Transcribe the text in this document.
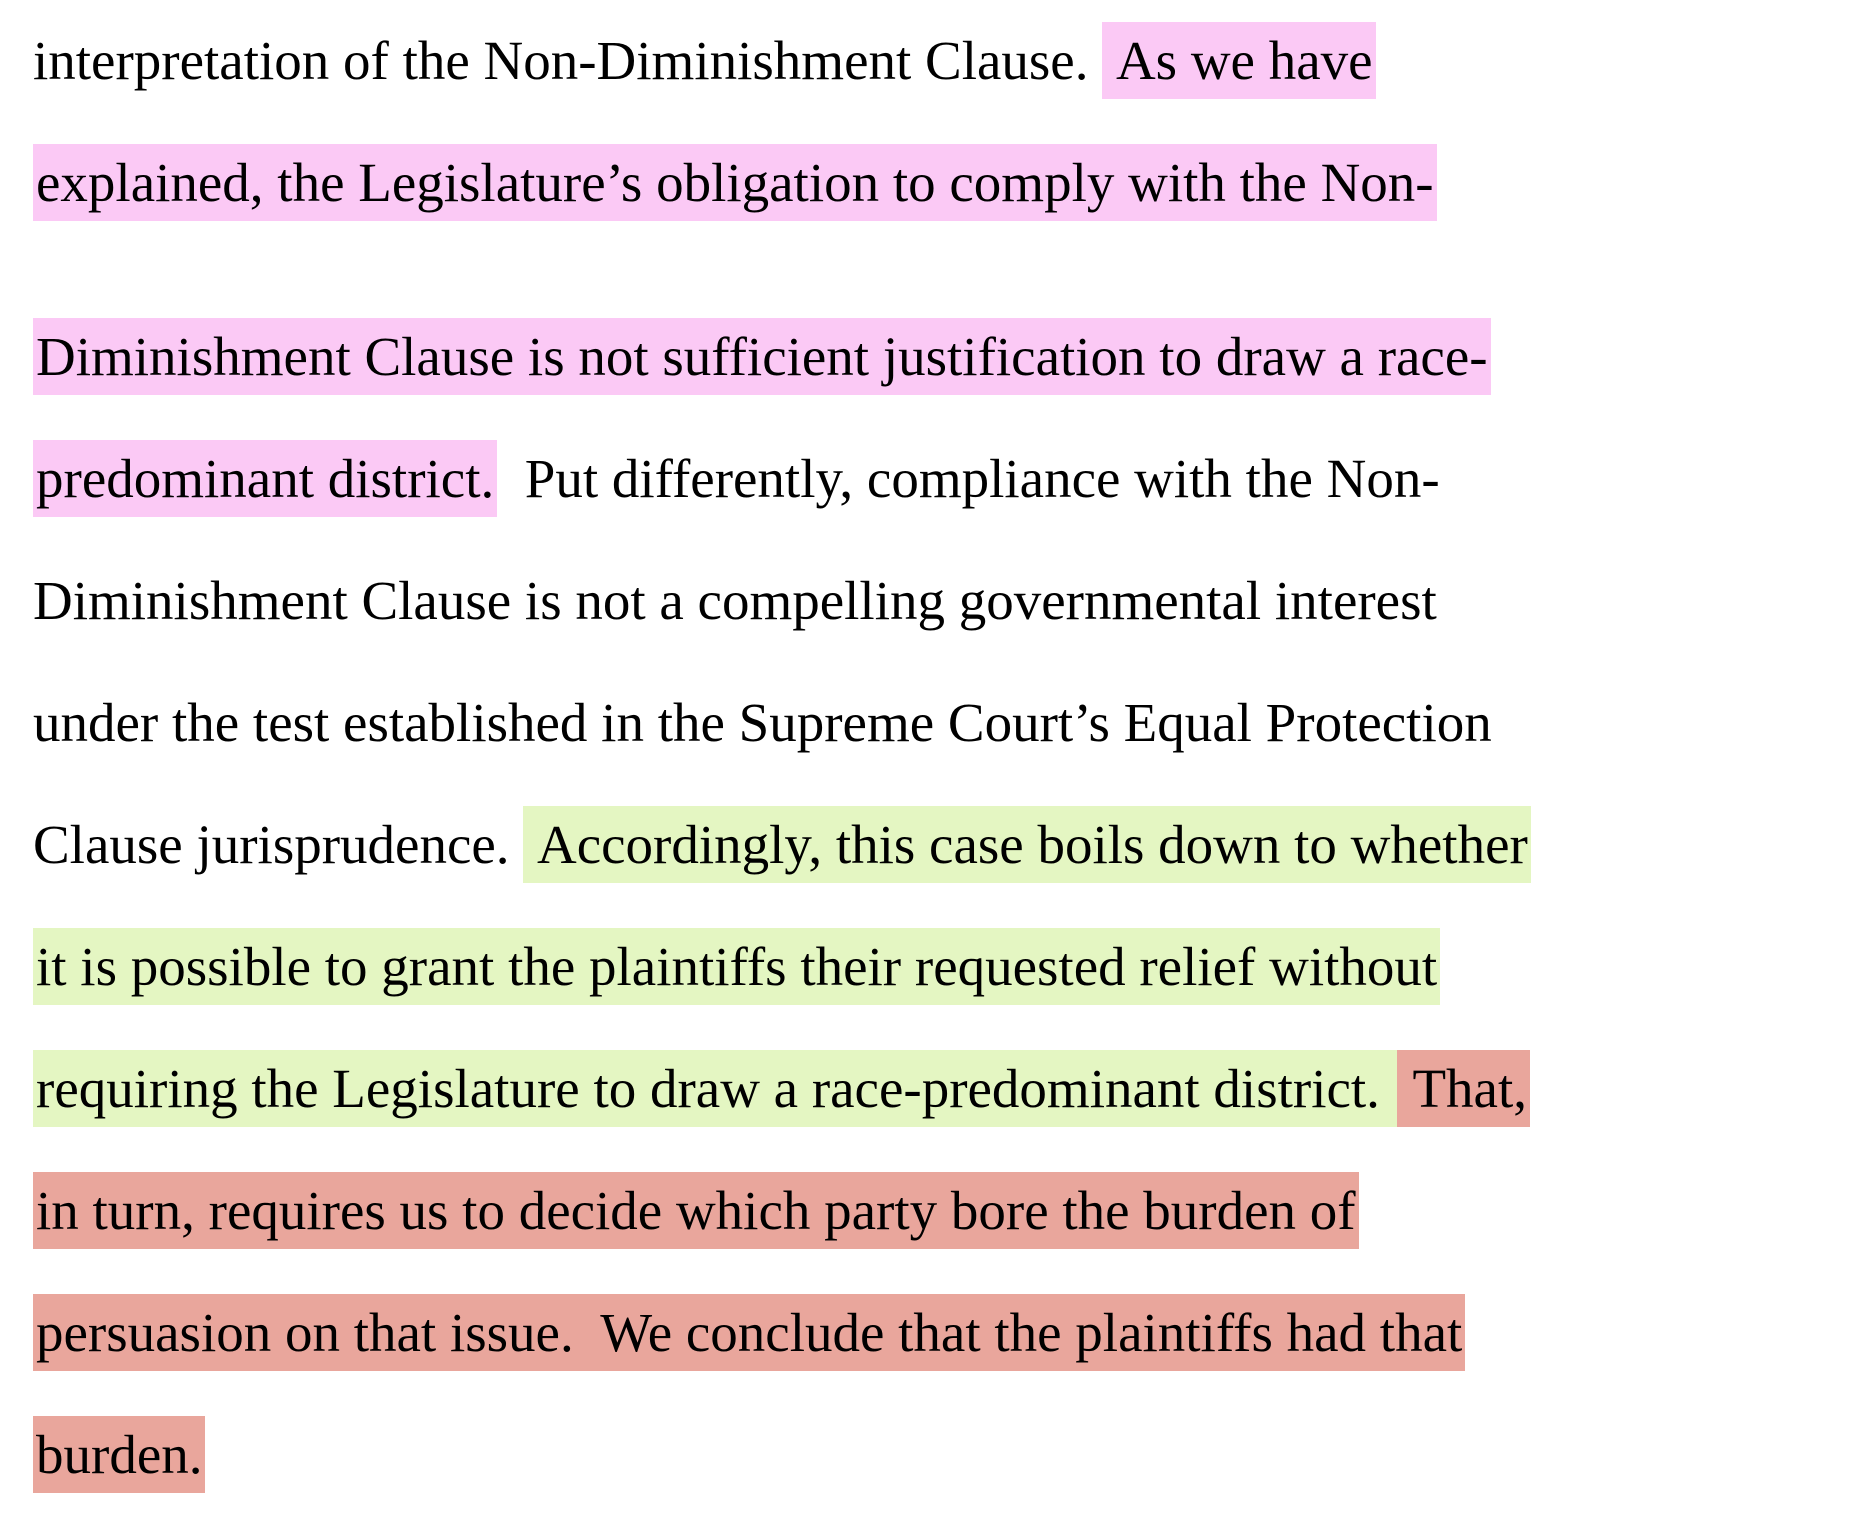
interpretation of the Non-Diminishment Clause.  As we have
explained, the Legislature’s obligation to comply with the Non-
Diminishment Clause is not sufficient justification to draw a race-
predominant district.  Put differently, compliance with the Non-
Diminishment Clause is not a compelling governmental interest
under the test established in the Supreme Court’s Equal Protection
Clause jurisprudence.  Accordingly, this case boils down to whether
it is possible to grant the plaintiffs their requested relief without
requiring the Legislature to draw a race-predominant district.  That,
in turn, requires us to decide which party bore the burden of
persuasion on that issue.  We conclude that the plaintiffs had that
burden.
